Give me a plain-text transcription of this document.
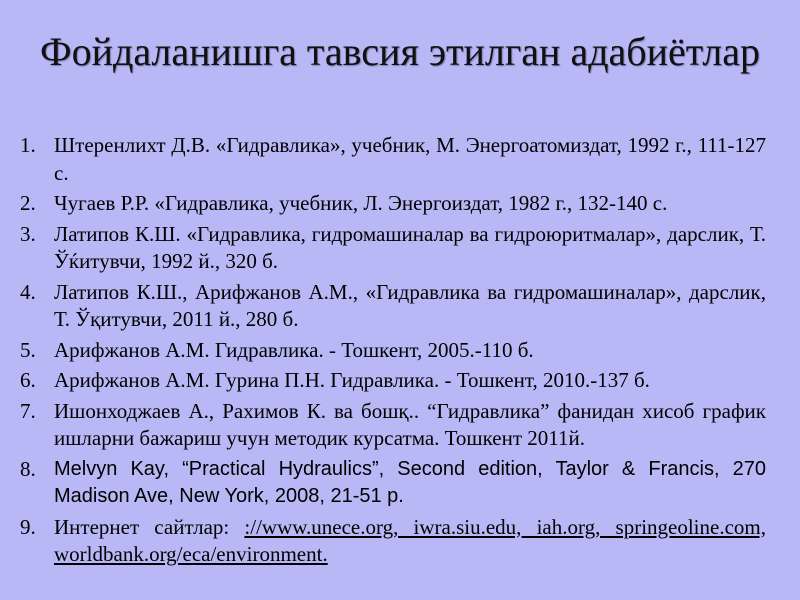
Фойдаланишга тавсия этилган адабиётлар
1. Штеренлихт Д.В. «Гидравлика», учебник, М. Энергоатомиздат, 1992 г., 111-127 с.
2. Чугаев Р.Р. «Гидравлика, учебник, Л. Энергоиздат, 1982 г., 132-140 с.
3. Латипов К.Ш. «Гидравлика, гидромашиналар ва гидроюритмалар», дарслик, Т. Ўќитувчи, 1992 й., 320 б.
4. Латипов К.Ш., Арифжанов А.М., «Гидравлика ва гидромашиналар», дарслик, Т. Ўқитувчи, 2011 й., 280 б.
5. Арифжанов А.М. Гидравлика. - Тошкент, 2005.-110 б.
6. Арифжанов А.М. Гурина П.Н. Гидравлика. - Тошкент, 2010.-137 б.
7. Ишонходжаев А., Рахимов К. ва бошқ.. “Гидравлика” фанидан хисоб график ишларни бажариш учун методик курсатма. Тошкент 2011й.
8. Melvyn Kay, “Practical Hydraulics”, Second edition, Taylor & Francis, 270 Madison Ave, New York, 2008, 21-51 p.
9. Интернет сайтлар: ://www.unece.org, iwra.siu.edu, iah.org, springeoline.com, worldbank.org/eca/environment.
